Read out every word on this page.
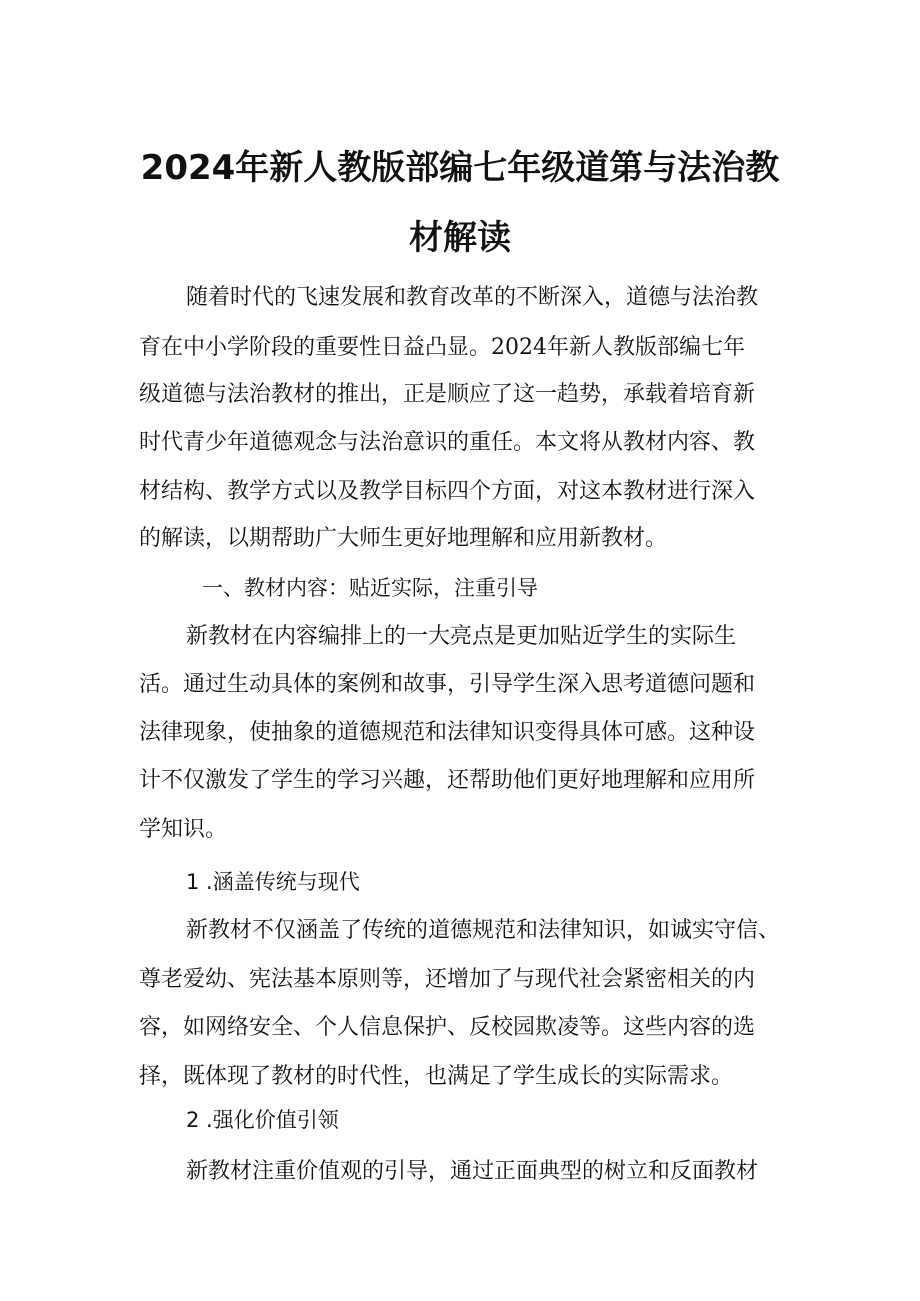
2024年新人教版部编七年级道第与法治教
材解读

随着时代的飞速发展和教育改革的不断深入，道德与法治教

育在中小学阶段的重要性日益凸显。2024年新人教版部编七年

级道德与法治教材的推出，正是顺应了这一趋势，承载着培育新

时代青少年道德观念与法治意识的重任。本文将从教材内容、教

材结构、教学方式以及教学目标四个方面，对这本教材进行深入

的解读，以期帮助广大师生更好地理解和应用新教材。

一、教材内容：贴近实际，注重引导

新教材在内容编排上的一大亮点是更加贴近学生的实际生

活。通过生动具体的案例和故事，引导学生深入思考道德问题和

法律现象，使抽象的道德规范和法律知识变得具体可感。这种设

计不仅激发了学生的学习兴趣，还帮助他们更好地理解和应用所

学知识。

1 .涵盖传统与现代

新教材不仅涵盖了传统的道德规范和法律知识，如诚实守信、

尊老爱幼、宪法基本原则等，还增加了与现代社会紧密相关的内

容，如网络安全、个人信息保护、反校园欺凌等。这些内容的选

择，既体现了教材的时代性，也满足了学生成长的实际需求。

2 .强化价值引领

新教材注重价值观的引导，通过正面典型的树立和反面教材
